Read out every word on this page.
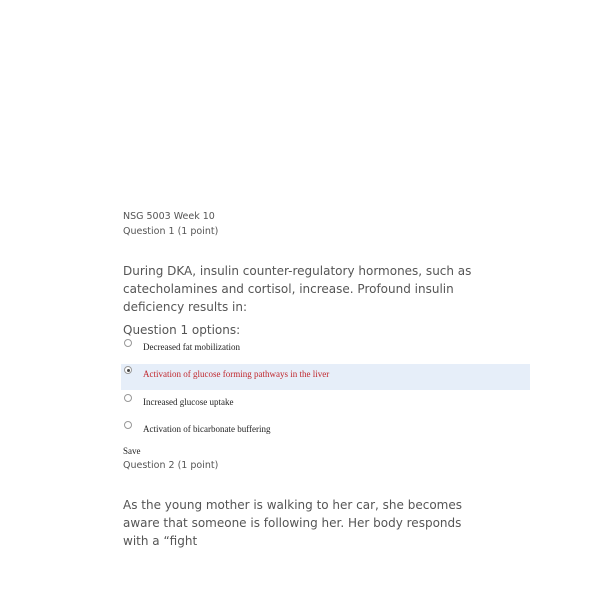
NSG 5003 Week 10
Question 1 (1 point)
During DKA, insulin counter-regulatory hormones, such as catecholamines and cortisol, increase. Profound insulin deficiency results in:
Question 1 options:
Decreased fat mobilization
Activation of glucose forming pathways in the liver
Increased glucose uptake
Activation of bicarbonate buffering
Save
Question 2 (1 point)
As the young mother is walking to her car, she becomes aware that someone is following her. Her body responds with a “fight
